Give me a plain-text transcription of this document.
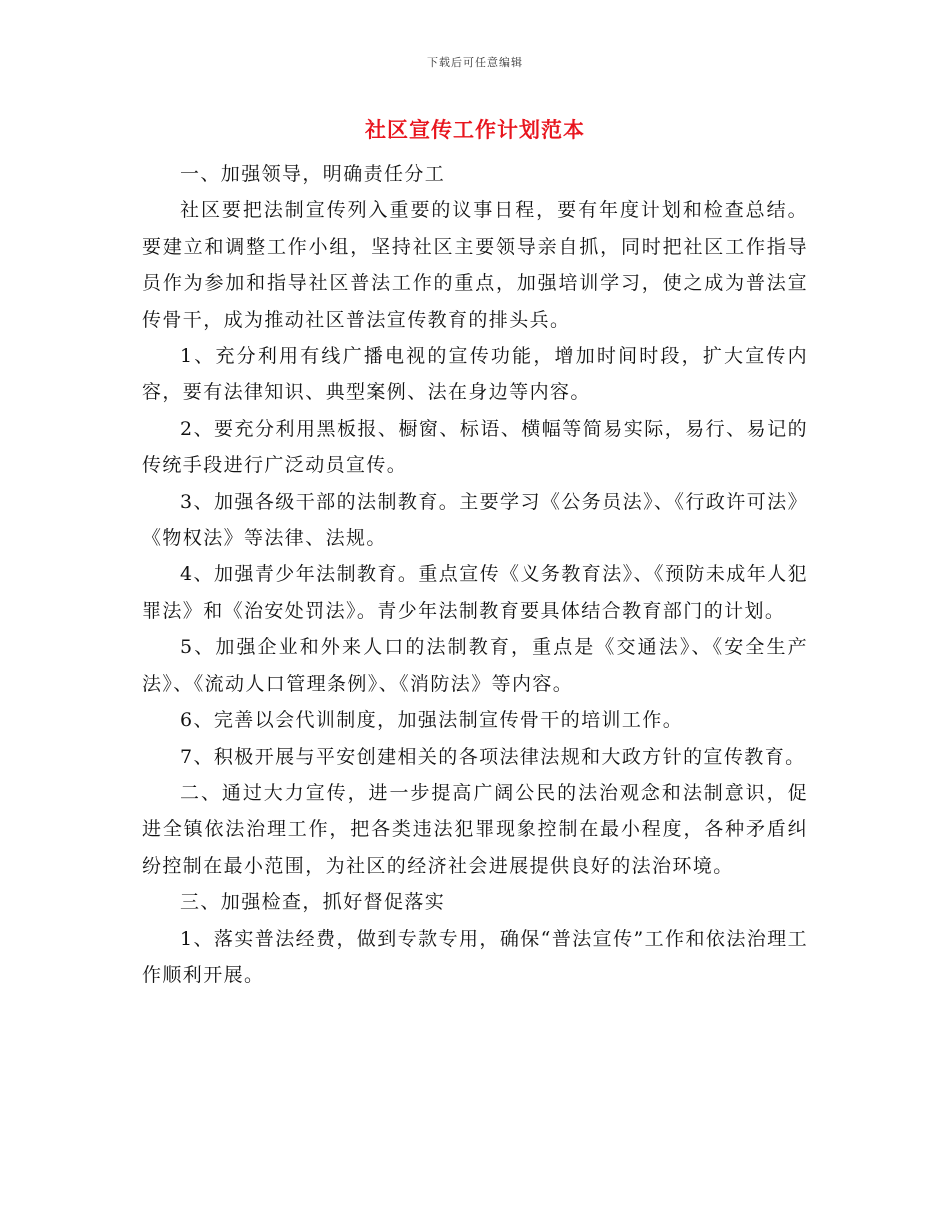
下载后可任意编辑
社区宣传工作计划范本

一、加强领导，明确责任分工

社区要把法制宣传列入重要的议事日程，要有年度计划和检查总结。要建立和调整工作小组，坚持社区主要领导亲自抓，同时把社区工作指导员作为参加和指导社区普法工作的重点，加强培训学习，使之成为普法宣传骨干，成为推动社区普法宣传教育的排头兵。

1、充分利用有线广播电视的宣传功能，增加时间时段，扩大宣传内容，要有法律知识、典型案例、法在身边等内容。

2、要充分利用黑板报、橱窗、标语、横幅等简易实际，易行、易记的传统手段进行广泛动员宣传。

3、加强各级干部的法制教育。主要学习《公务员法》、《行政许可法》《物权法》等法律、法规。

4、加强青少年法制教育。重点宣传《义务教育法》、《预防未成年人犯罪法》和《治安处罚法》。青少年法制教育要具体结合教育部门的计划。

5、加强企业和外来人口的法制教育，重点是《交通法》、《安全生产法》、《流动人口管理条例》、《消防法》等内容。

6、完善以会代训制度，加强法制宣传骨干的培训工作。

7、积极开展与平安创建相关的各项法律法规和大政方针的宣传教育。

二、通过大力宣传，进一步提高广阔公民的法治观念和法制意识，促进全镇依法治理工作，把各类违法犯罪现象控制在最小程度，各种矛盾纠纷控制在最小范围，为社区的经济社会进展提供良好的法治环境。

三、加强检查，抓好督促落实

1、落实普法经费，做到专款专用，确保“普法宣传”工作和依法治理工作顺利开展。
